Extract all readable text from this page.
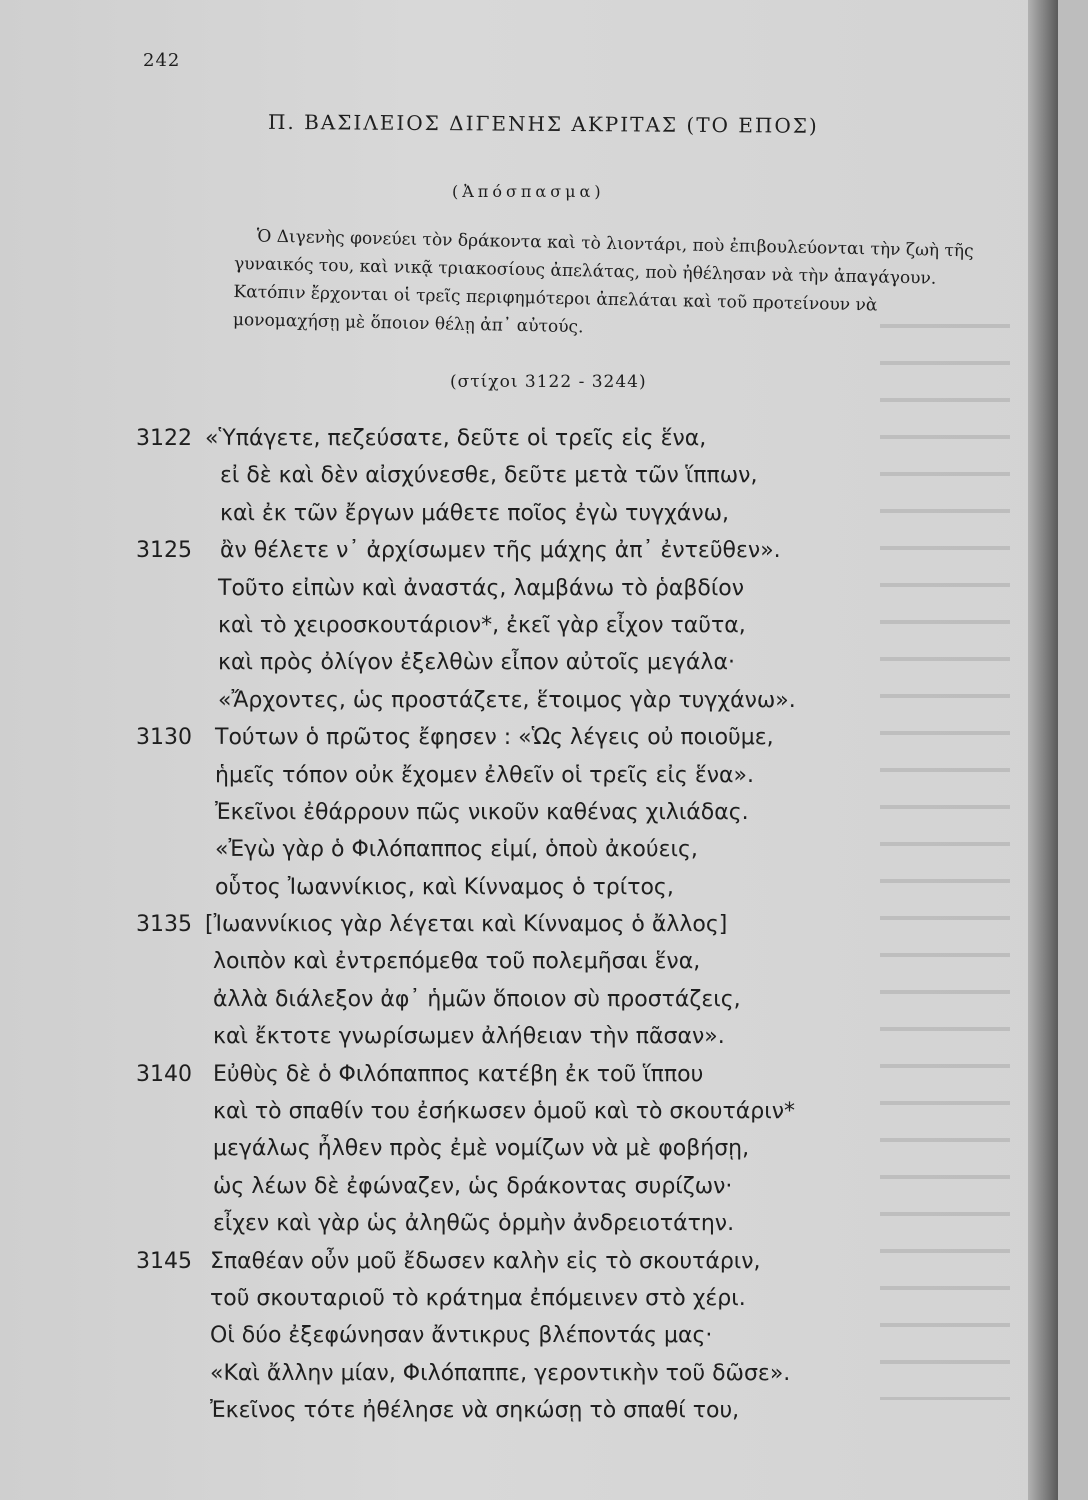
242
Π. ΒΑΣΙΛΕΙΟΣ ΔΙΓΕΝΗΣ ΑΚΡΙΤΑΣ (ΤΟ ΕΠΟΣ)
(Ἀπόσπασμα)

Ὁ Διγενὴς φονεύει τὸν δράκοντα καὶ τὸ λιοντάρι, ποὺ ἐπιβουλεύονται τὴν ζωὴ τῆς γυναικός του, καὶ νικᾷ τριακοσίους ἀπελάτας, ποὺ ἠθέλησαν νὰ τὴν ἀπαγάγουν. Κατόπιν ἔρχονται οἱ τρεῖς περιφημότεροι ἀπελάται καὶ τοῦ προτείνουν νὰ μονομαχήσῃ μὲ ὅποιον θέλῃ ἀπ᾿ αὐτούς.

(στίχοι 3122 - 3244)
3122 «Ὑπάγετε, πεζεύσατε, δεῦτε οἱ τρεῖς εἰς ἕνα,
εἰ δὲ καὶ δὲν αἰσχύνεσθε, δεῦτε μετὰ τῶν ἵππων,
καὶ ἐκ τῶν ἔργων μάθετε ποῖος ἐγὼ τυγχάνω,
3125 ἂν θέλετε ν᾿ ἀρχίσωμεν τῆς μάχης ἀπ᾿ ἐντεῦθεν».
Τοῦτο εἰπὼν καὶ ἀναστάς, λαμβάνω τὸ ῥαβδίον
καὶ τὸ χειροσκουτάριον*, ἐκεῖ γὰρ εἶχον ταῦτα,
καὶ πρὸς ὀλίγον ἐξελθὼν εἶπον αὐτοῖς μεγάλα·
«Ἄρχοντες, ὡς προστάζετε, ἕτοιμος γὰρ τυγχάνω».
3130 Τούτων ὁ πρῶτος ἔφησεν : «Ὡς λέγεις οὐ ποιοῦμε,
ἡμεῖς τόπον οὐκ ἔχομεν ἐλθεῖν οἱ τρεῖς εἰς ἕνα».
Ἐκεῖνοι ἐθάρρουν πῶς νικοῦν καθένας χιλιάδας.
«Ἐγὼ γὰρ ὁ Φιλόπαππος εἰμί, ὁποὺ ἀκούεις,
οὗτος Ἰωαννίκιος, καὶ Κίνναμος ὁ τρίτος,
3135 [Ἰωαννίκιος γὰρ λέγεται καὶ Κίνναμος ὁ ἄλλος]
λοιπὸν καὶ ἐντρεπόμεθα τοῦ πολεμῆσαι ἕνα,
ἀλλὰ διάλεξον ἀφ᾿ ἡμῶν ὅποιον σὺ προστάζεις,
καὶ ἔκτοτε γνωρίσωμεν ἀλήθειαν τὴν πᾶσαν».
3140 Εὐθὺς δὲ ὁ Φιλόπαππος κατέβη ἐκ τοῦ ἵππου
καὶ τὸ σπαθίν του ἐσήκωσεν ὁμοῦ καὶ τὸ σκουτάριν*
μεγάλως ἦλθεν πρὸς ἐμὲ νομίζων νὰ μὲ φοβήσῃ,
ὡς λέων δὲ ἐφώναζεν, ὡς δράκοντας συρίζων·
εἶχεν καὶ γὰρ ὡς ἀληθῶς ὁρμὴν ἀνδρειοτάτην.
3145 Σπαθέαν οὖν μοῦ ἔδωσεν καλὴν εἰς τὸ σκουτάριν,
τοῦ σκουταριοῦ τὸ κράτημα ἐπόμεινεν στὸ χέρι.
Οἱ δύο ἐξεφώνησαν ἄντικρυς βλέποντάς μας·
«Καὶ ἄλλην μίαν, Φιλόπαππε, γεροντικὴν τοῦ δῶσε».
Ἐκεῖνος τότε ἠθέλησε νὰ σηκώσῃ τὸ σπαθί του,
